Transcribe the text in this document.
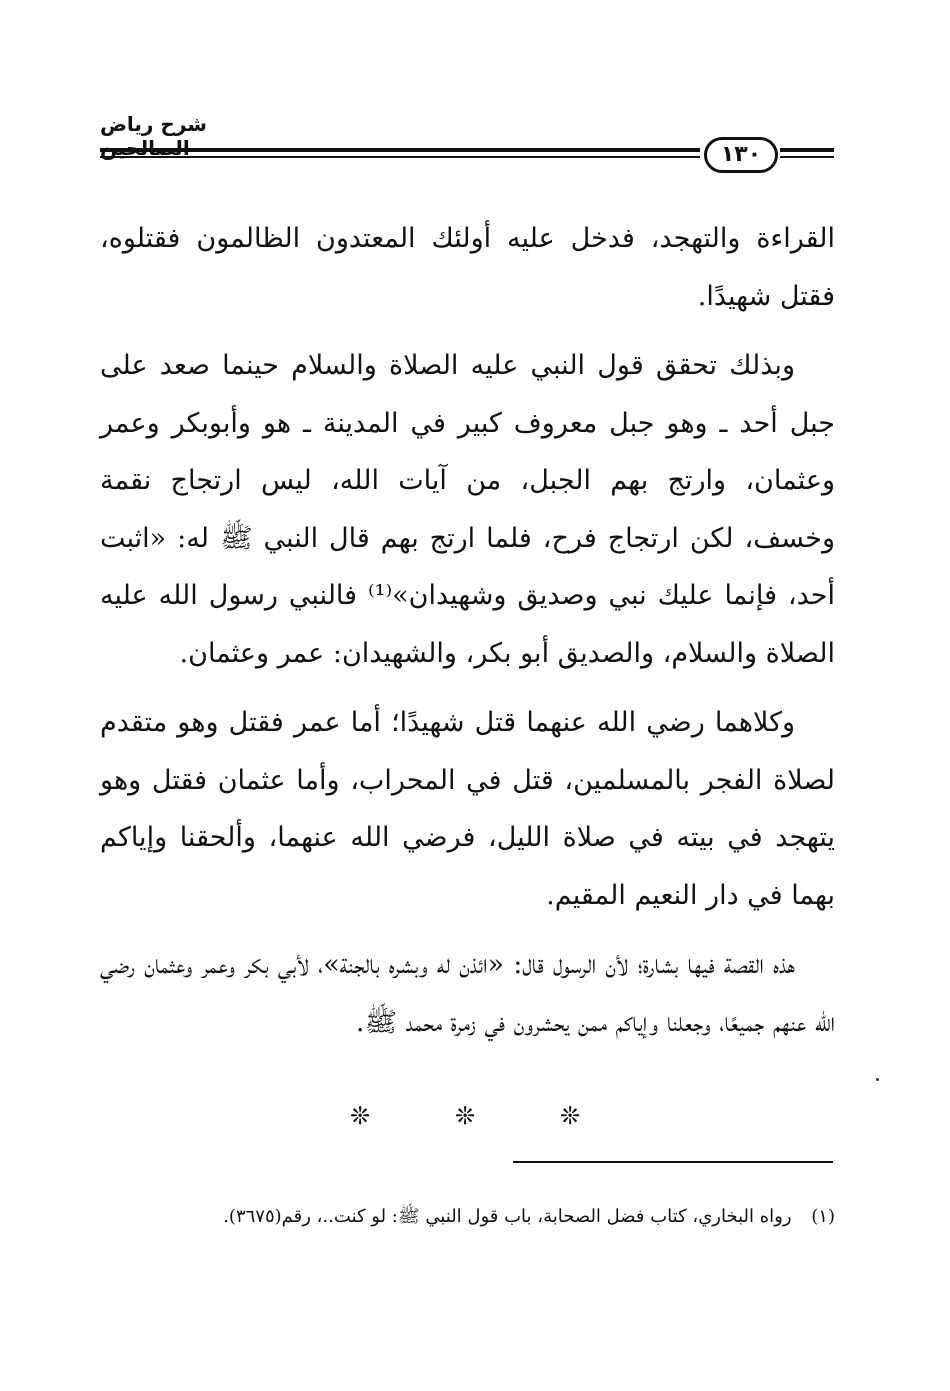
شرح رياض
١٣٠

القراءة والتهجد، فدخل عليه أولئك المعتدون الظالمون فقتلوه، فقتل شهيدًا.

وبذلك تحقق قول النبي عليه الصلاة والسلام حينما صعد على جبل أحد ـ وهو جبل معروف كبير في المدينة ـ هو وأبوبكر وعمر وعثمان، وارتج بهم الجبل، من آيات الله، ليس ارتجاج نقمة وخسف، لكن ارتجاج فرح، فلما ارتج بهم قال النبي ﷺ له: «اثبت أحد، فإنما عليك نبي وصديق وشهيدان»⁽¹⁾ فالنبي رسول الله عليه الصلاة والسلام، والصديق أبو بكر، والشهيدان: عمر وعثمان.

وكلاهما رضي الله عنهما قتل شهيدًا؛ أما عمر فقتل وهو متقدم لصلاة الفجر بالمسلمين، قتل في المحراب، وأما عثمان فقتل وهو يتهجد في بيته في صلاة الليل، فرضي الله عنهما، وألحقنا وإياكم بهما في دار النعيم المقيم.

هذه القصة فيها بشارة؛ لأن الرسول قال: «ائذن له وبشره بالجنة»، لأبي بكر وعمر وعثمان رضي الله عنهم جميعًا، وجعلنا وإياكم ممن يحشرون في زمرة محمد ﷺ.

❊	❊	❊
(١) رواه البخاري، كتاب فضل الصحابة، باب قول النبي ﷺ: لو كنت..، رقم(٣٦٧٥).
